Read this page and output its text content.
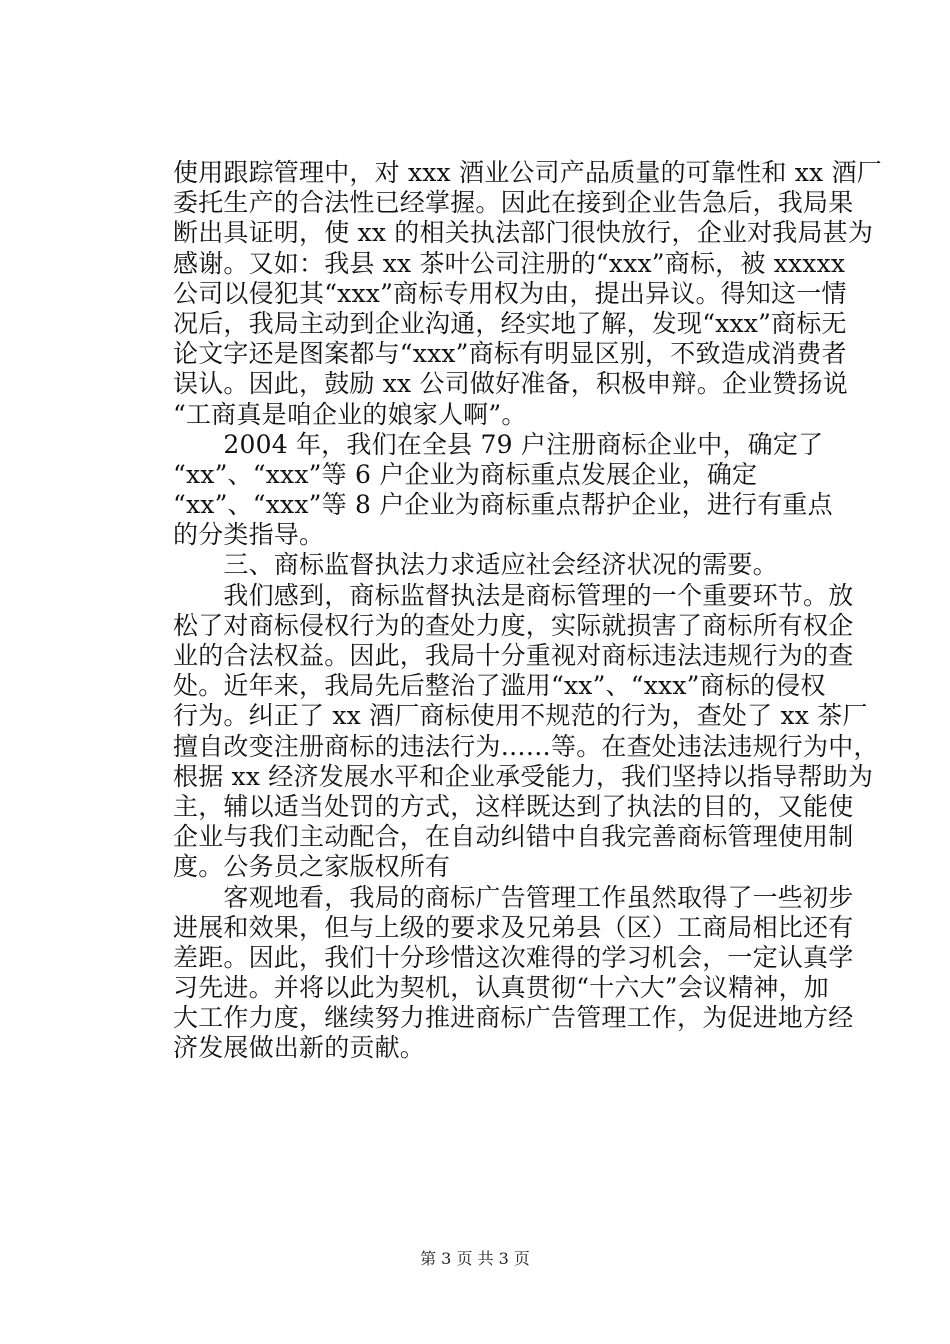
使用跟踪管理中，对 xxx 酒业公司产品质量的可靠性和 xx 酒厂
委托生产的合法性已经掌握。因此在接到企业告急后，我局果
断出具证明，使 xx 的相关执法部门很快放行，企业对我局甚为
感谢。又如：我县 xx 茶叶公司注册的“xxx”商标，被 xxxxx
公司以侵犯其“xxx”商标专用权为由，提出异议。得知这一情
况后，我局主动到企业沟通，经实地了解，发现“xxx”商标无
论文字还是图案都与“xxx”商标有明显区别，不致造成消费者
误认。因此，鼓励 xx 公司做好准备，积极申辩。企业赞扬说
“工商真是咱企业的娘家人啊”。
　　2004 年，我们在全县 79 户注册商标企业中，确定了
“xx”、“xxx”等 6 户企业为商标重点发展企业，确定
“xx”、“xxx”等 8 户企业为商标重点帮护企业，进行有重点
的分类指导。
　　三、商标监督执法力求适应社会经济状况的需要。
　　我们感到，商标监督执法是商标管理的一个重要环节。放
松了对商标侵权行为的查处力度，实际就损害了商标所有权企
业的合法权益。因此，我局十分重视对商标违法违规行为的查
处。近年来，我局先后整治了滥用“xx”、“xxx”商标的侵权
行为。纠正了 xx 酒厂商标使用不规范的行为，查处了 xx 茶厂
擅自改变注册商标的违法行为……等。在查处违法违规行为中，
根据 xx 经济发展水平和企业承受能力，我们坚持以指导帮助为
主，辅以适当处罚的方式，这样既达到了执法的目的，又能使
企业与我们主动配合，在自动纠错中自我完善商标管理使用制
度。公务员之家版权所有
　　客观地看，我局的商标广告管理工作虽然取得了一些初步
进展和效果，但与上级的要求及兄弟县（区）工商局相比还有
差距。因此，我们十分珍惜这次难得的学习机会，一定认真学
习先进。并将以此为契机，认真贯彻“十六大”会议精神，加
大工作力度，继续努力推进商标广告管理工作，为促进地方经
济发展做出新的贡献。
第 3 页 共 3 页
